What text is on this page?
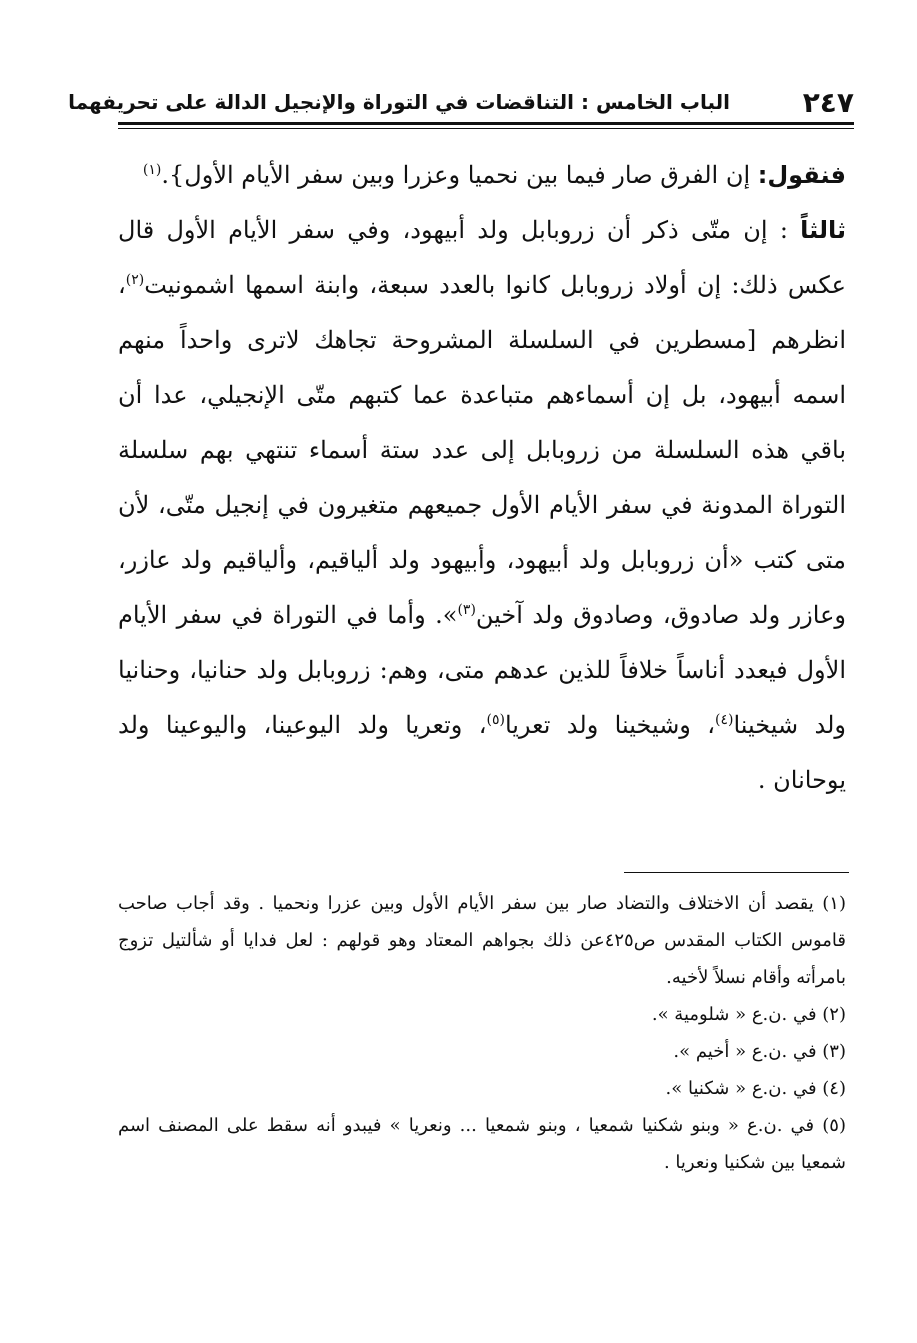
٢٤٧
الباب الخامس : التناقضات في التوراة والإنجيل الدالة على تحريفهما

فنقول: إن الفرق صار فيما بين نحميا وعزرا وبين سفر الأيام الأول}.$^{(١)}$

ثالثاً : إن متّى ذكر أن زروبابل ولد أبيهود، وفي سفر الأيام الأول قال عكس ذلك: إن أولاد زروبابل كانوا بالعدد سبعة، وابنة اسمها اشمونيت$^{(٢)}$، انظرهم [مسطرين في السلسلة المشروحة تجاهك لاترى واحداً منهم اسمه أبيهود، بل إن أسماءهم متباعدة عما كتبهم متّى الإنجيلي، عدا أن باقي هذه السلسلة من زروبابل إلى عدد ستة أسماء تنتهي بهم سلسلة التوراة المدونة في سفر الأيام الأول جميعهم متغيرون في إنجيل متّى، لأن متى كتب «أن زروبابل ولد أبيهود، وأبيهود ولد ألياقيم، وألياقيم ولد عازر، وعازر ولد صادوق، وصادوق ولد آخين$^{(٣)}$». وأما في التوراة في سفر الأيام الأول فيعدد أناساً خلافاً للذين عدهم متى، وهم: زروبابل ولد حنانيا، وحنانيا ولد شيخينا$^{(٤)}$، وشيخينا ولد تعريا$^{(٥)}$، وتعريا ولد اليوعينا، واليوعينا ولد يوحانان .

(١) يقصد أن الاختلاف والتضاد صار بين سفر الأيام الأول وبين عزرا ونحميا . وقد أجاب صاحب قاموس الكتاب المقدس ص٤٢٥عن ذلك بجواهم المعتاد وهو قولهم : لعل فدايا أو شألتيل تزوج بامرأته وأقام نسلاً لأخيه.

(٢) في .ن.ع « شلومية ».

(٣) في .ن.ع « أخيم ».

(٤) في .ن.ع « شكنيا ».

(٥) في .ن.ع « وبنو شكنيا شمعيا ، وبنو شمعيا ... ونعريا » فيبدو أنه سقط على المصنف اسم شمعيا بين شكنيا ونعريا .
